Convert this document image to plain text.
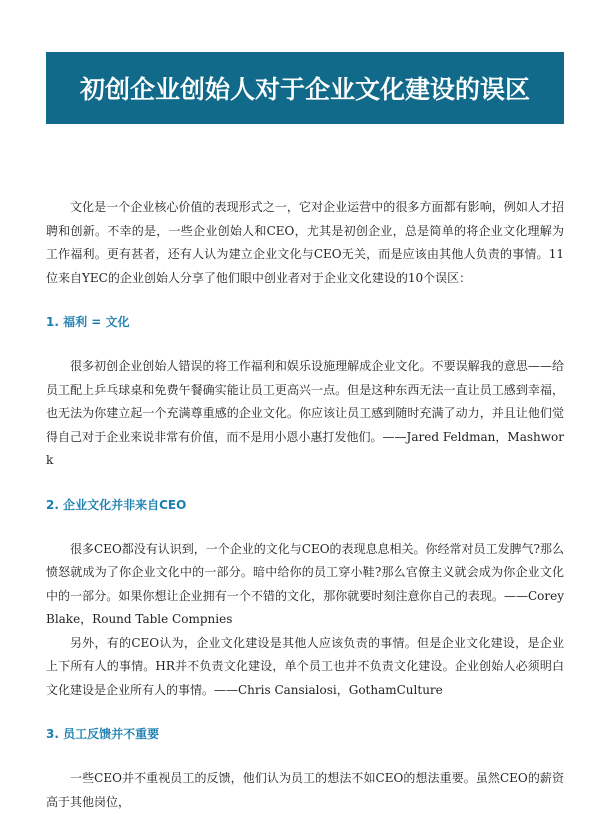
初创企业创始人对于企业文化建设的误区

文化是一个企业核心价值的表现形式之一，它对企业运营中的很多方面都有影响，例如人才招聘和创新。不幸的是，一些企业创始人和CEO，尤其是初创企业，总是简单的将企业文化理解为工作福利。更有甚者，还有人认为建立企业文化与CEO无关，而是应该由其他人负责的事情。11位来自YEC的企业创始人分享了他们眼中创业者对于企业文化建设的10个误区：

1. 福利 = 文化

很多初创企业创始人错误的将工作福利和娱乐设施理解成企业文化。不要误解我的意思——给员工配上乒乓球桌和免费午餐确实能让员工更高兴一点。但是这种东西无法一直让员工感到幸福，也无法为你建立起一个充满尊重感的企业文化。你应该让员工感到随时充满了动力，并且让他们觉得自己对于企业来说非常有价值，而不是用小恩小惠打发他们。——Jared Feldman，Mashwork

2. 企业文化并非来自CEO

很多CEO都没有认识到，一个企业的文化与CEO的表现息息相关。你经常对员工发脾气?那么愤怒就成为了你企业文化中的一部分。暗中给你的员工穿小鞋?那么官僚主义就会成为你企业文化中的一部分。如果你想让企业拥有一个不错的文化，那你就要时刻注意你自己的表现。——Corey Blake，Round Table Compnies

另外，有的CEO认为，企业文化建设是其他人应该负责的事情。但是企业文化建设，是企业上下所有人的事情。HR并不负责文化建设，单个员工也并不负责文化建设。企业创始人必须明白文化建设是企业所有人的事情。——Chris Cansialosi，GothamCulture

3. 员工反馈并不重要

一些CEO并不重视员工的反馈，他们认为员工的想法不如CEO的想法重要。虽然CEO的薪资高于其他岗位，
